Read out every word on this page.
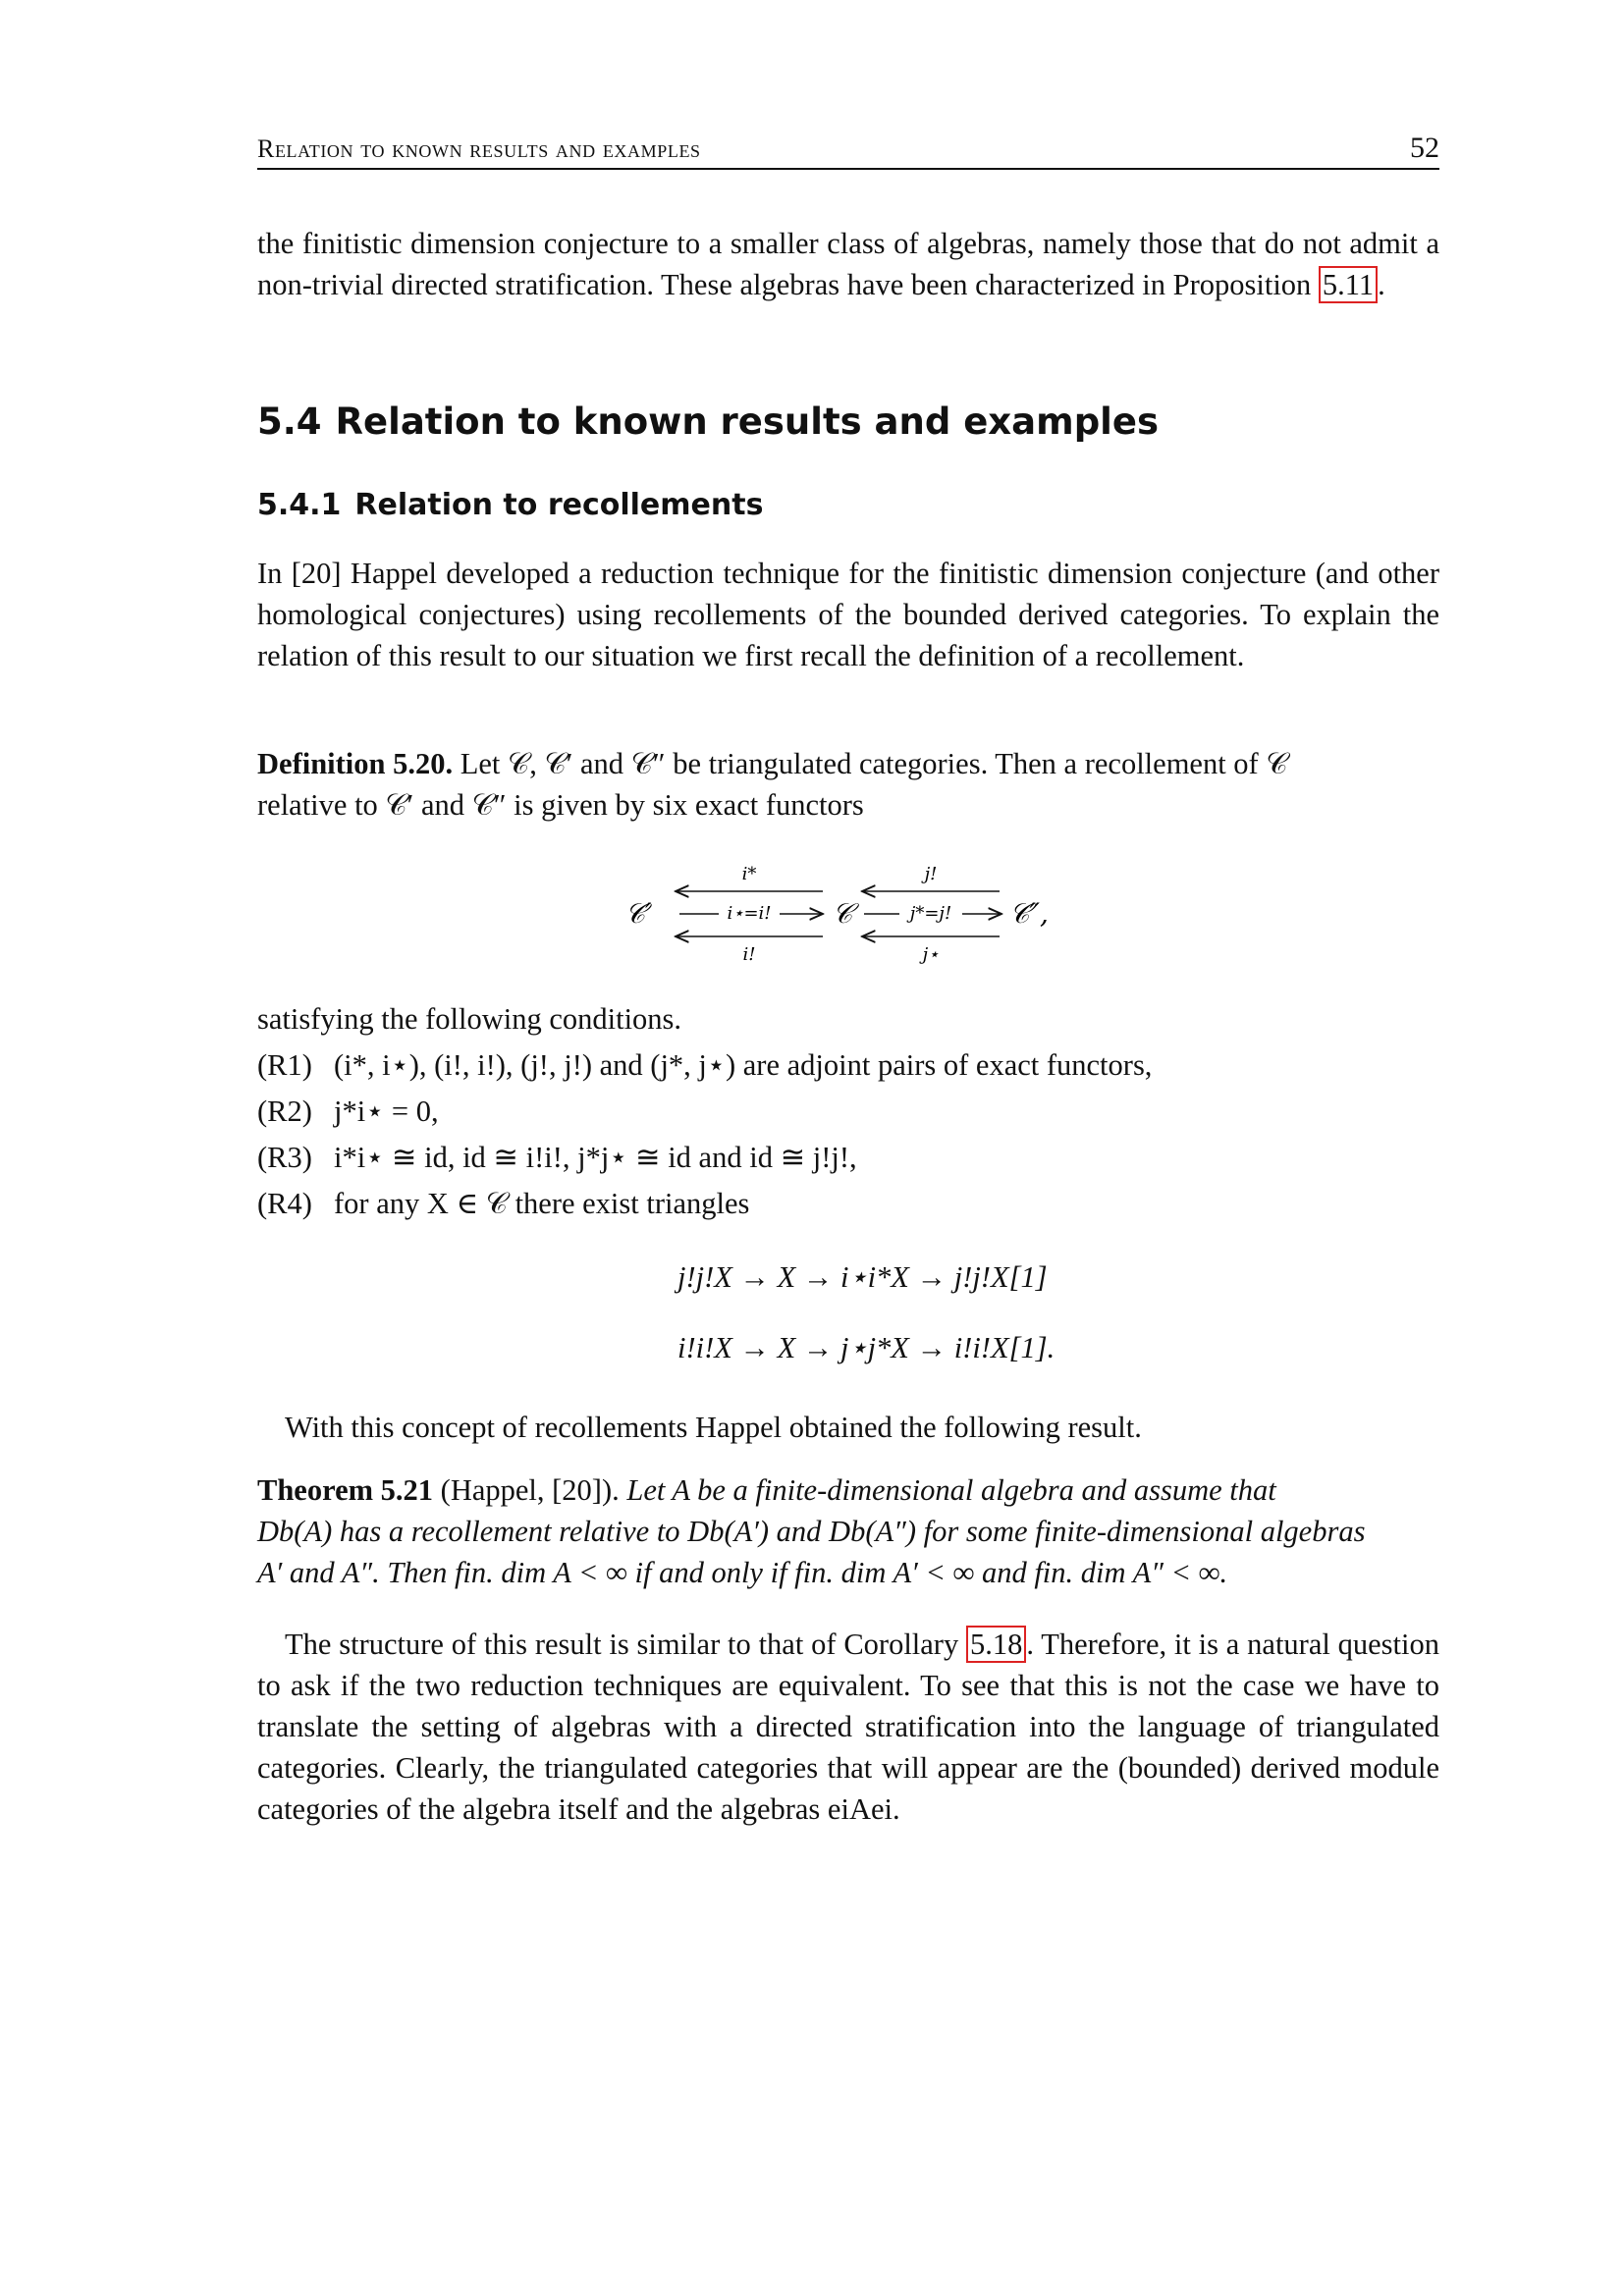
Relation to known results and examples	52

the finitistic dimension conjecture to a smaller class of algebras, namely those that do not admit a non-trivial directed stratification. These algebras have been characterized in Proposition 5.11 .

5.4 Relation to known results and examples
5.4.1 Relation to recollements

In [20] Happel developed a reduction technique for the finitistic dimension conjecture (and other homological conjectures) using recollements of the bounded derived categories. To explain the relation of this result to our situation we first recall the definition of a recollement.

Definition 5.20. Let 𝒞, 𝒞′ and 𝒞″ be triangulated categories. Then a recollement of 𝒞
relative to 𝒞′ and 𝒞″ is given by six exact functors

𝒞′	𝒞	𝒞″,
i*
i⋆=i!
i!
j!
j*=j!
j⋆
satisfying the following conditions.
(R1) (i*, i⋆), (i!, i!), (j!, j!) and (j*, j⋆) are adjoint pairs of exact functors,
(R2) j*i⋆ = 0,
(R3) i*i⋆ ≅ id, id ≅ i!i!, j*j⋆ ≅ id and id ≅ j!j!,
(R4) for any X ∈ 𝒞 there exist triangles
j!j!X → X → i⋆i*X → j!j!X[1]
i!i!X → X → j⋆j*X → i!i!X[1].

With this concept of recollements Happel obtained the following result.

Theorem 5.21 (Happel, [20]). Let A be a finite-dimensional algebra and assume that
Db(A) has a recollement relative to Db(A′) and Db(A″) for some finite-dimensional algebras
A′ and A″. Then fin. dim A < ∞ if and only if fin. dim A′ < ∞ and fin. dim A″ < ∞.

The structure of this result is similar to that of Corollary 5.18 . Therefore, it is a natural question to ask if the two reduction techniques are equivalent. To see that this is not the case we have to translate the setting of algebras with a directed stratification into the language of triangulated categories. Clearly, the triangulated categories that will appear are the (bounded) derived module categories of the algebra itself and the algebras eiAei.
